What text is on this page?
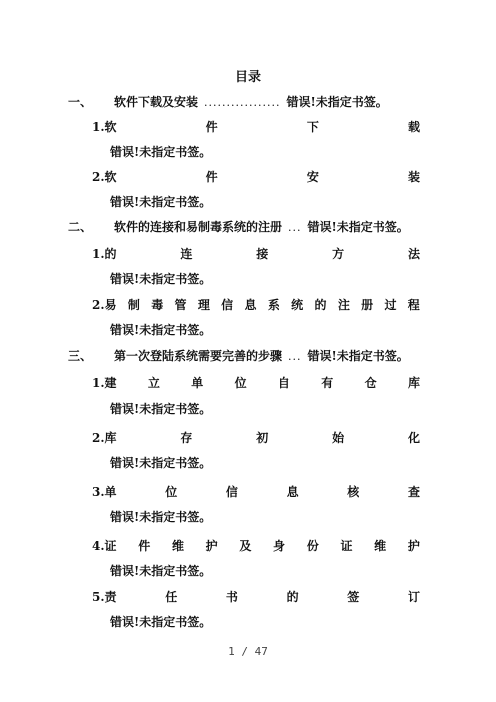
目录
一、	软件下载及安装 ................. 错误!未指定书签。
1.软	件	下	载
错误!未指定书签。
2.软	件	安	装
错误!未指定书签。
二、	软件的连接和易制毒系统的注册 ... 错误!未指定书签。
1.的	连	接	方	法
错误!未指定书签。
2.易 制 毒 管 理 信 息 系 统 的 注 册 过 程
错误!未指定书签。
三、	第一次登陆系统需要完善的步骤 ... 错误!未指定书签。
1.建	立	单	位	自	有	仓	库
错误!未指定书签。
2.库	存	初	始	化
错误!未指定书签。
3.单	位	信	息	核	查
错误!未指定书签。
4.证 件 维 护 及 身 份 证 维 护
错误!未指定书签。
5.责	任	书	的	签	订
错误!未指定书签。
1 / 47
